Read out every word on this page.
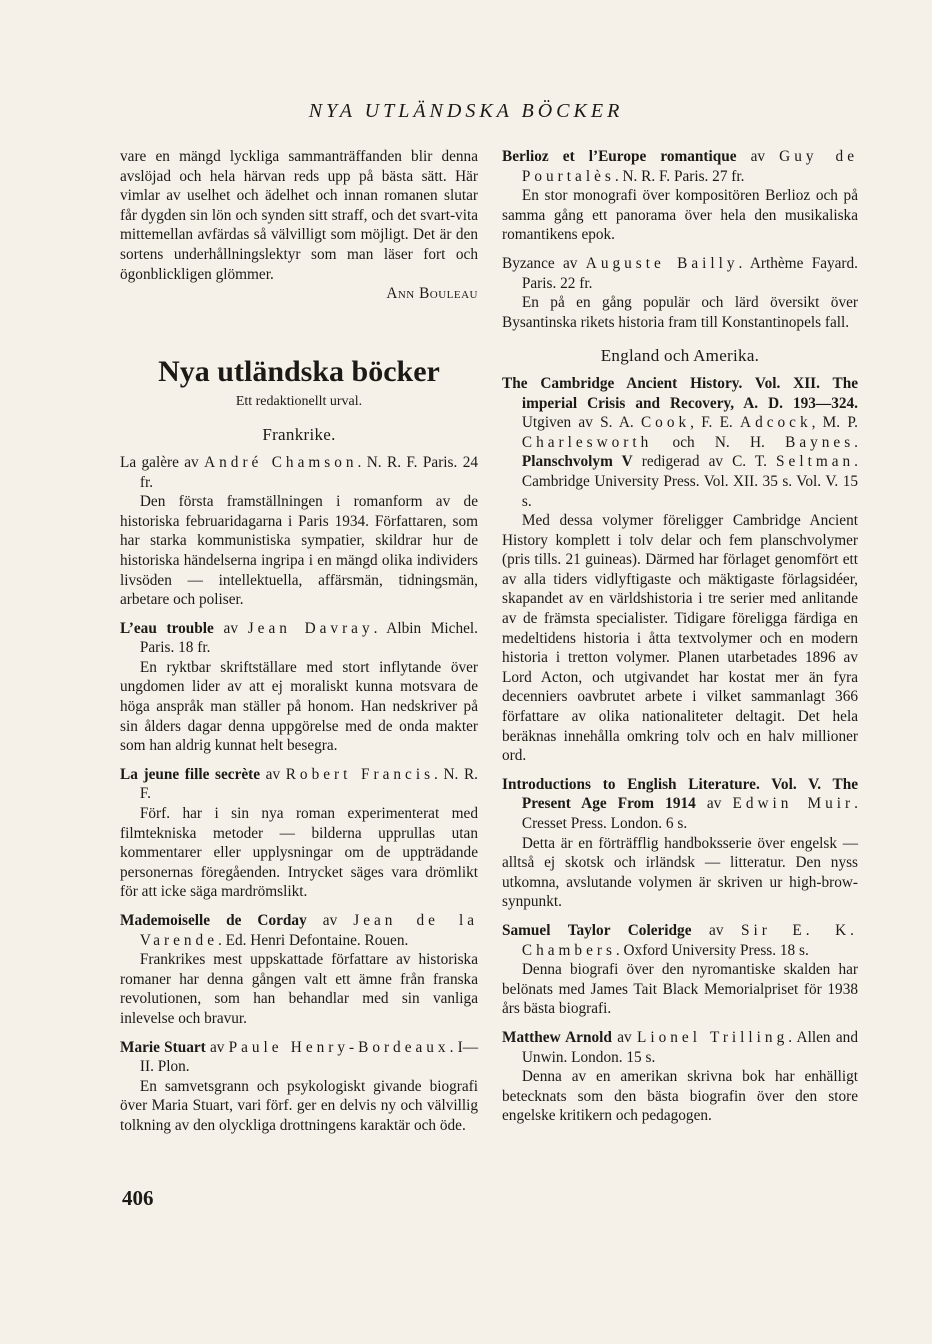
NYA UTLÄNDSKA BÖCKER

vare en mängd lyckliga sammanträffanden blir denna avslöjad och hela härvan reds upp på bästa sätt. Här vimlar av uselhet och ädelhet och innan romanen slutar får dygden sin lön och synden sitt straff, och det svart-vita mittemellan avfärdas så välvilligt som möjligt. Det är den sortens underhållningslektyr som man läser fort och ögonblickligen glömmer.

Ann Bouleau

Nya utländska böcker
Ett redaktionellt urval.
Frankrike.

La galère av André Chamson. N. R. F. Paris. 24 fr.

Den första framställningen i romanform av de historiska februaridagarna i Paris 1934. Författaren, som har starka kommunistiska sympatier, skildrar hur de historiska händelserna ingripa i en mängd olika individers livsöden — intellektuella, affärsmän, tidningsmän, arbetare och poliser.

L’eau trouble av Jean Davray. Albin Michel. Paris. 18 fr.

En ryktbar skriftställare med stort inflytande över ungdomen lider av att ej moraliskt kunna motsvara de höga anspråk man ställer på honom. Han nedskriver på sin ålders dagar denna uppgörelse med de onda makter som han aldrig kunnat helt besegra.

La jeune fille secrète av Robert Francis. N. R. F.

Förf. har i sin nya roman experimenterat med filmtekniska metoder — bilderna upprullas utan kommentarer eller upplysningar om de uppträdande personernas föregåenden. Intrycket säges vara drömlikt för att icke säga mardrömslikt.

Mademoiselle de Corday av Jean de la Varende. Ed. Henri Defontaine. Rouen.

Frankrikes mest uppskattade författare av historiska romaner har denna gången valt ett ämne från franska revolutionen, som han behandlar med sin vanliga inlevelse och bravur.

Marie Stuart av Paule Henry-Bordeaux. I—II. Plon.

En samvetsgrann och psykologiskt givande biografi över Maria Stuart, vari förf. ger en delvis ny och välvillig tolkning av den olyckliga drottningens karaktär och öde.

Berlioz et l’Europe romantique av Guy de Pourtalès. N. R. F. Paris. 27 fr.

En stor monografi över kompositören Berlioz och på samma gång ett panorama över hela den musikaliska romantikens epok.

Byzance av Auguste Bailly. Arthème Fayard. Paris. 22 fr.

En på en gång populär och lärd översikt över Bysantinska rikets historia fram till Konstantinopels fall.

England och Amerika.

The Cambridge Ancient History. Vol. XII. The imperial Crisis and Recovery, A. D. 193—324. Utgiven av S. A. Cook, F. E. Adcock, M. P. Charlesworth och N. H. Baynes. Planschvolym V redigerad av C. T. Seltman. Cambridge University Press. Vol. XII. 35 s. Vol. V. 15 s.

Med dessa volymer föreligger Cambridge Ancient History komplett i tolv delar och fem planschvolymer (pris tills. 21 guineas). Därmed har förlaget genomfört ett av alla tiders vidlyftigaste och mäktigaste förlagsidéer, skapandet av en världshistoria i tre serier med anlitande av de främsta specialister. Tidigare föreligga färdiga en medeltidens historia i åtta textvolymer och en modern historia i tretton volymer. Planen utarbetades 1896 av Lord Acton, och utgivandet har kostat mer än fyra decenniers oavbrutet arbete i vilket sammanlagt 366 författare av olika nationaliteter deltagit. Det hela beräknas innehålla omkring tolv och en halv millioner ord.

Introductions to English Literature. Vol. V. The Present Age From 1914 av Edwin Muir. Cresset Press. London. 6 s.

Detta är en förträfflig handboksserie över engelsk — alltså ej skotsk och irländsk — litteratur. Den nyss utkomna, avslutande volymen är skriven ur high-brow-synpunkt.

Samuel Taylor Coleridge av Sir E. K. Chambers. Oxford University Press. 18 s.

Denna biografi över den nyromantiske skalden har belönats med James Tait Black Memorialpriset för 1938 års bästa biografi.

Matthew Arnold av Lionel Trilling. Allen and Unwin. London. 15 s.

Denna av en amerikan skrivna bok har enhälligt betecknats som den bästa biografin över den store engelske kritikern och pedagogen.

406
